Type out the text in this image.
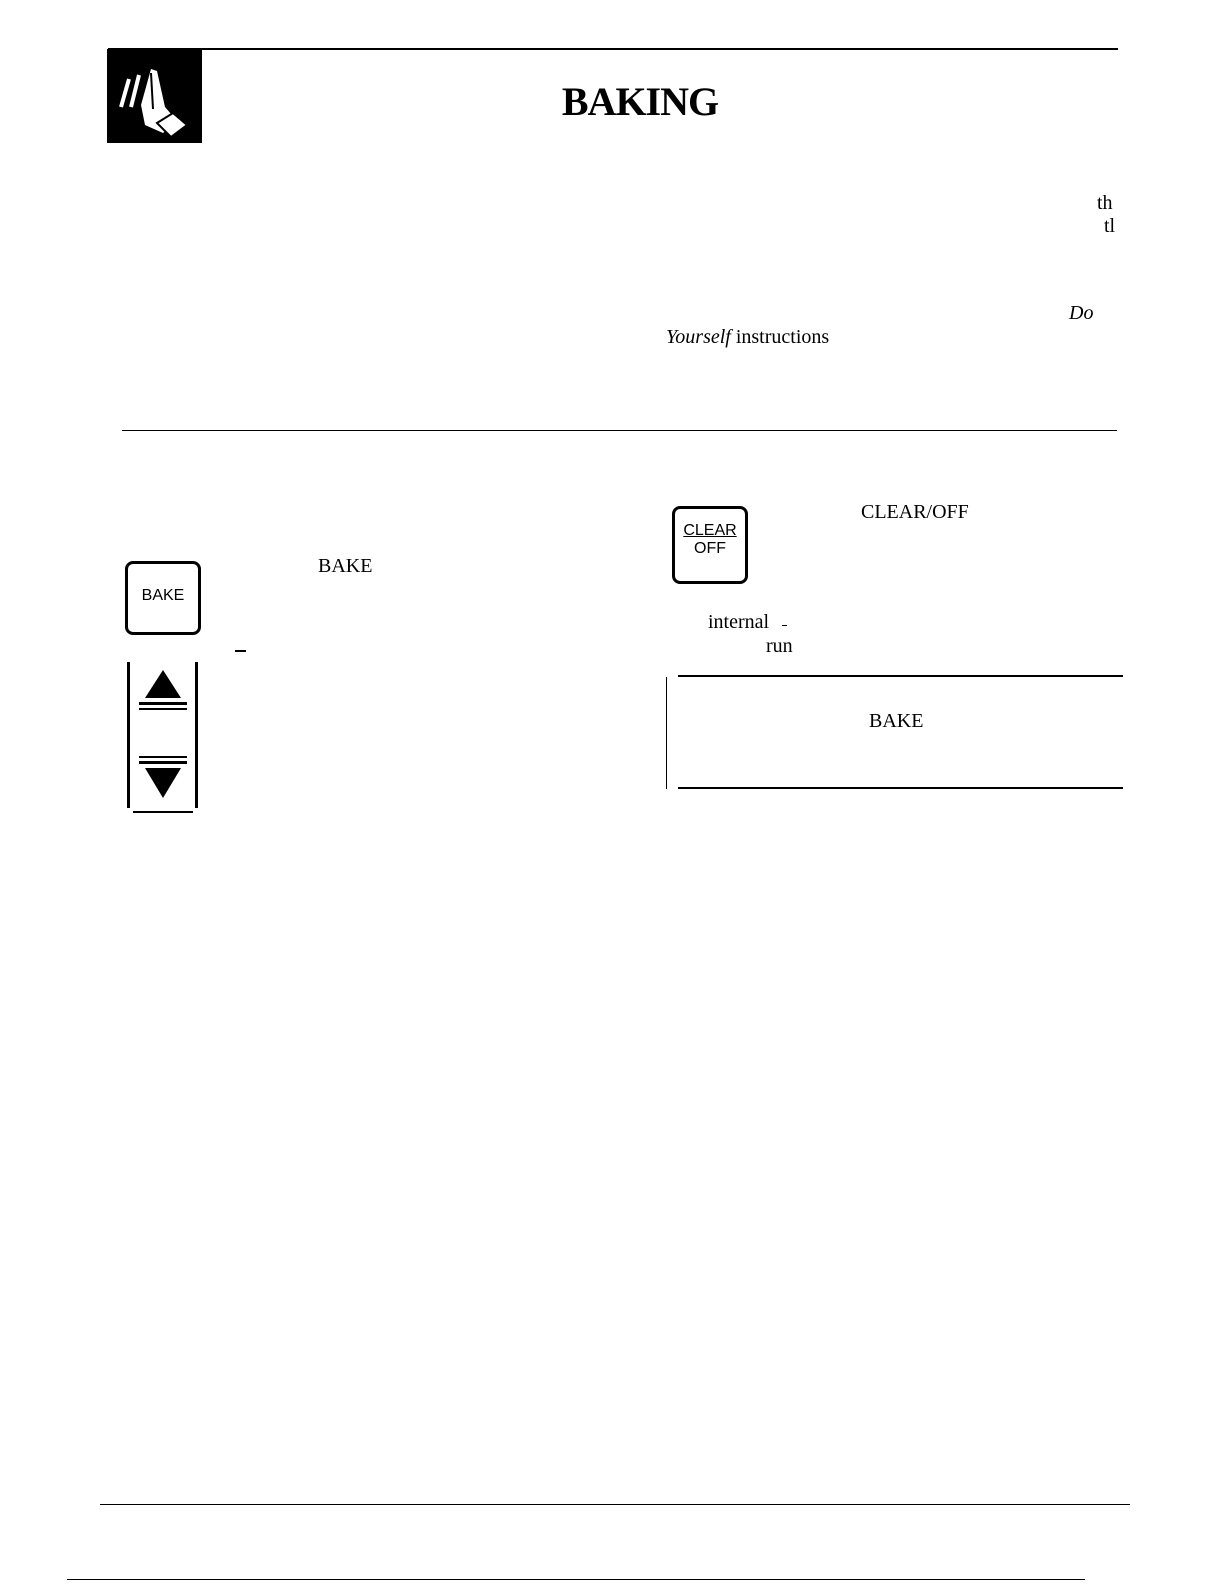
BAKING
th
tl
Do
Yourself instructions
BAKE
BAKE
CLEAR
OFF
CLEAR/OFF
internal
run
BAKE
